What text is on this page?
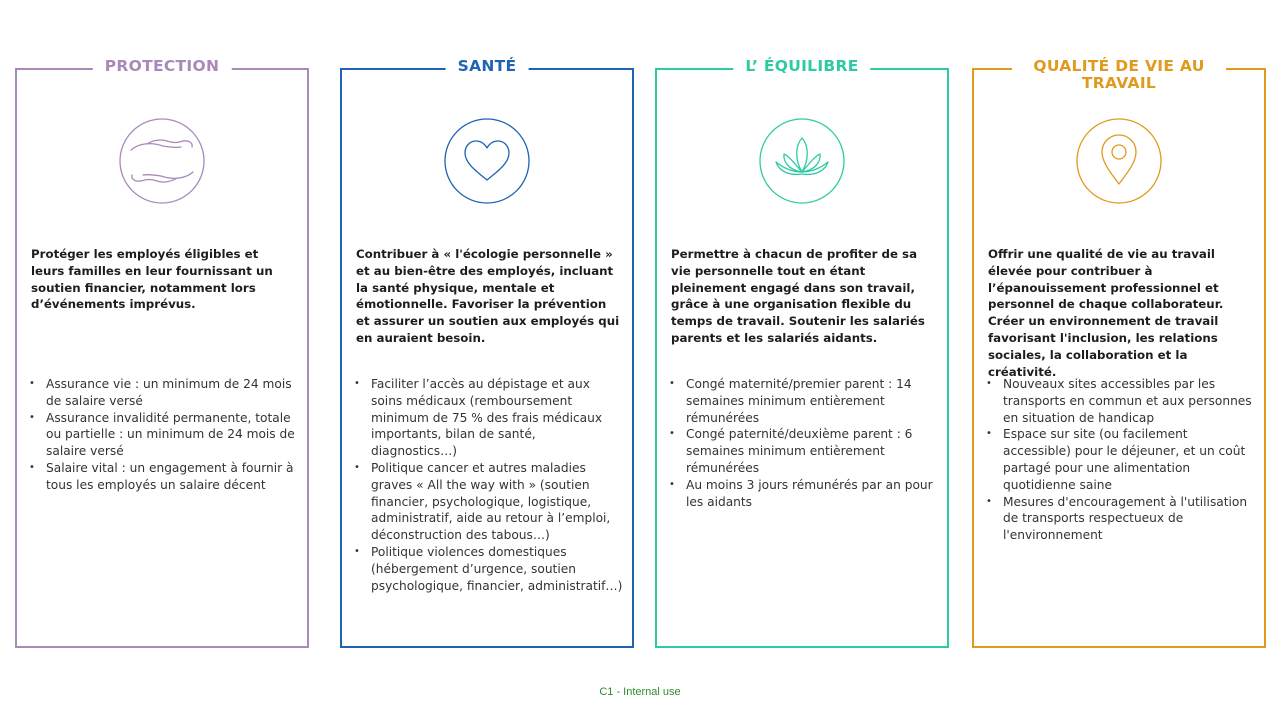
PROTECTION
Protéger les employés éligibles et leurs familles en leur fournissant un soutien financier, notamment lors d’événements imprévus.
• Assurance vie : un minimum de 24 mois de salaire versé
• Assurance invalidité permanente, totale ou partielle : un minimum de 24 mois de salaire versé
• Salaire vital : un engagement à fournir à tous les employés un salaire décent
SANTÉ
Contribuer à « l'écologie personnelle » et au bien-être des employés, incluant la santé physique, mentale et émotionnelle. Favoriser la prévention et assurer un soutien aux employés qui en auraient besoin.
• Faciliter l’accès au dépistage et aux soins médicaux (remboursement minimum de 75 % des frais médicaux importants, bilan de santé, diagnostics…)
• Politique cancer et autres maladies graves « All the way with » (soutien financier, psychologique, logistique, administratif, aide au retour à l’emploi, déconstruction des tabous…)
• Politique violences domestiques (hébergement d’urgence, soutien psychologique, financier, administratif…)
L’ ÉQUILIBRE
Permettre à chacun de profiter de sa vie personnelle tout en étant pleinement engagé dans son travail, grâce à une organisation flexible du temps de travail. Soutenir les salariés parents et les salariés aidants.
• Congé maternité/premier parent : 14 semaines minimum entièrement rémunérées
• Congé paternité/deuxième parent : 6 semaines minimum entièrement rémunérées
• Au moins 3 jours rémunérés par an pour les aidants
QUALITÉ DE VIE AU TRAVAIL
Offrir une qualité de vie au travail élevée pour contribuer à l’épanouissement professionnel et personnel de chaque collaborateur. Créer un environnement de travail favorisant l'inclusion, les relations sociales, la collaboration et la créativité.
• Nouveaux sites accessibles par les transports en commun et aux personnes en situation de handicap
• Espace sur site (ou facilement accessible) pour le déjeuner, et un coût partagé pour une alimentation quotidienne saine
• Mesures d'encouragement à l'utilisation de transports respectueux de l'environnement
C1 - Internal use
